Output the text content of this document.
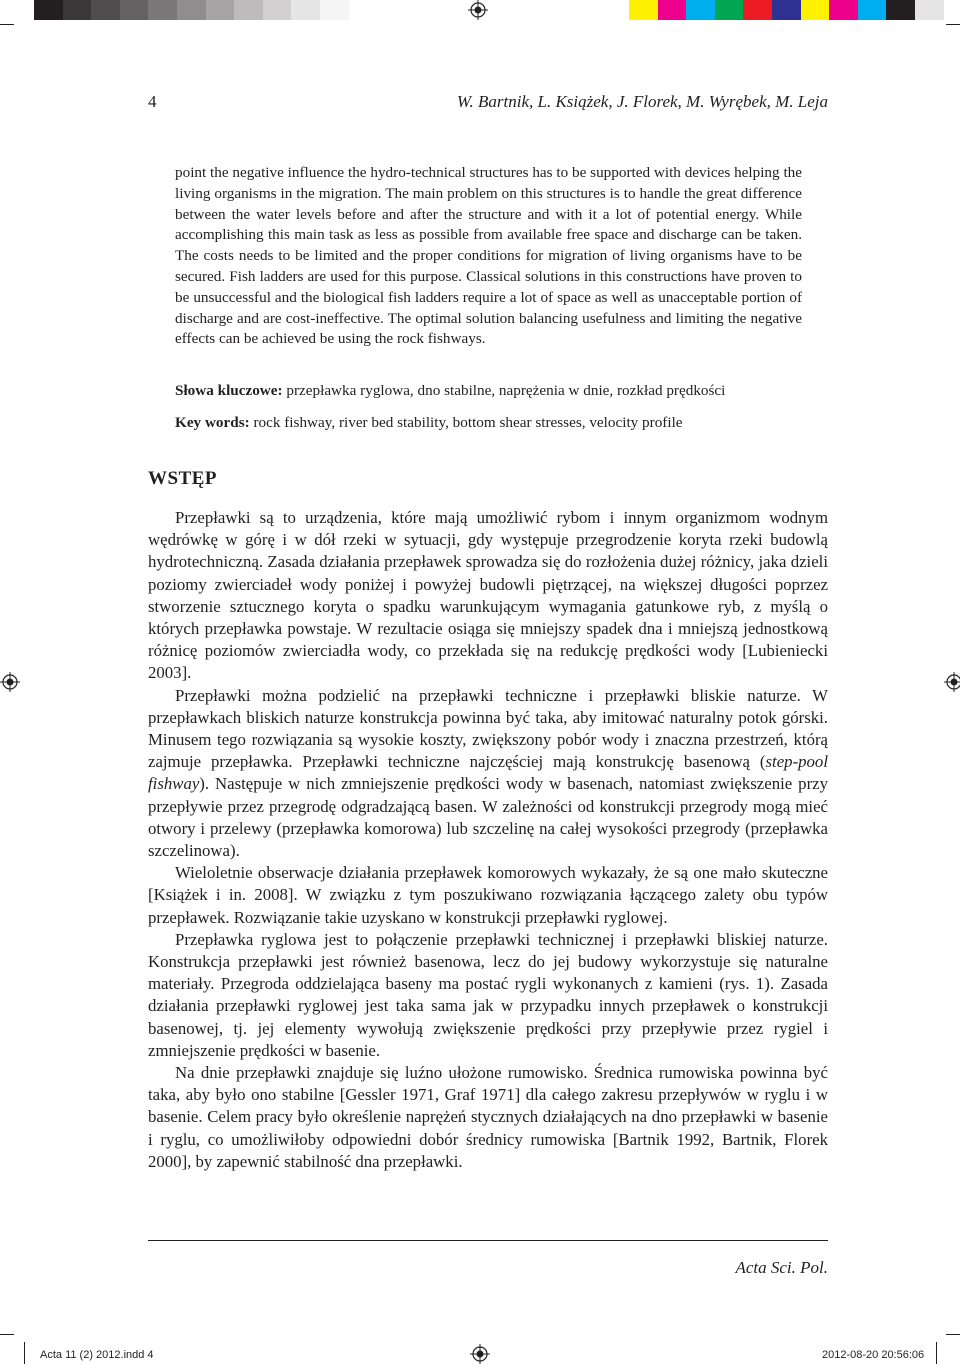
4	W. Bartnik, L. Książek, J. Florek, M. Wyrębek, M. Leja

point the negative influence the hydro-technical structures has to be supported with devices helping the living organisms in the migration. The main problem on this structures is to handle the great difference between the water levels before and after the structure and with it a lot of potential energy. While accomplishing this main task as less as possible from available free space and discharge can be taken. The costs needs to be limited and the proper conditions for migration of living organisms have to be secured. Fish ladders are used for this purpose. Classical solutions in this constructions have proven to be unsuccessful and the biological fish ladders require a lot of space as well as unacceptable portion of discharge and are cost-ineffective. The optimal solution balancing usefulness and limiting the negative effects can be achieved be using the rock fishways.

Słowa kluczowe: przepławka ryglowa, dno stabilne, naprężenia w dnie, rozkład prędkości
Key words: rock fishway, river bed stability, bottom shear stresses, velocity profile
WSTĘP

Przepławki są to urządzenia, które mają umożliwić rybom i innym organizmom wodnym wędrówkę w górę i w dół rzeki w sytuacji, gdy występuje przegrodzenie koryta rzeki budowlą hydrotechniczną. Zasada działania przepławek sprowadza się do rozłożenia dużej różnicy, jaka dzieli poziomy zwierciadeł wody poniżej i powyżej budowli piętrzącej, na większej długości poprzez stworzenie sztucznego koryta o spadku warunkującym wymagania gatunkowe ryb, z myślą o których przepławka powstaje. W rezultacie osiąga się mniejszy spadek dna i mniejszą jednostkową różnicę poziomów zwierciadła wody, co przekłada się na redukcję prędkości wody [Lubieniecki 2003].

Przepławki można podzielić na przepławki techniczne i przepławki bliskie naturze. W przepławkach bliskich naturze konstrukcja powinna być taka, aby imitować naturalny potok górski. Minusem tego rozwiązania są wysokie koszty, zwiększony pobór wody i znaczna przestrzeń, którą zajmuje przepławka. Przepławki techniczne najczęściej mają konstrukcję basenową (step-pool fishway). Następuje w nich zmniejszenie prędkości wody w basenach, natomiast zwiększenie przy przepływie przez przegrodę odgradzającą basen. W zależności od konstrukcji przegrody mogą mieć otwory i przelewy (przepławka komorowa) lub szczelinę na całej wysokości przegrody (przepławka szczelinowa).

Wieloletnie obserwacje działania przepławek komorowych wykazały, że są one mało skuteczne [Książek i in. 2008]. W związku z tym poszukiwano rozwiązania łączącego zalety obu typów przepławek. Rozwiązanie takie uzyskano w konstrukcji przepławki ryglowej.

Przepławka ryglowa jest to połączenie przepławki technicznej i przepławki bliskiej naturze. Konstrukcja przepławki jest również basenowa, lecz do jej budowy wykorzystuje się naturalne materiały. Przegroda oddzielająca baseny ma postać rygli wykonanych z kamieni (rys. 1). Zasada działania przepławki ryglowej jest taka sama jak w przypadku innych przepławek o konstrukcji basenowej, tj. jej elementy wywołują zwiększenie prędkości przy przepływie przez rygiel i zmniejszenie prędkości w basenie.

Na dnie przepławki znajduje się luźno ułożone rumowisko. Średnica rumowiska powinna być taka, aby było ono stabilne [Gessler 1971, Graf 1971] dla całego zakresu przepływów w ryglu i w basenie. Celem pracy było określenie naprężeń stycznych działających na dno przepławki w basenie i ryglu, co umożliwiłoby odpowiedni dobór średnicy rumowiska [Bartnik 1992, Bartnik, Florek 2000], by zapewnić stabilność dna przepławki.

Acta Sci. Pol.
Acta 11 (2) 2012.indd 4	2012-08-20 20:56:06
